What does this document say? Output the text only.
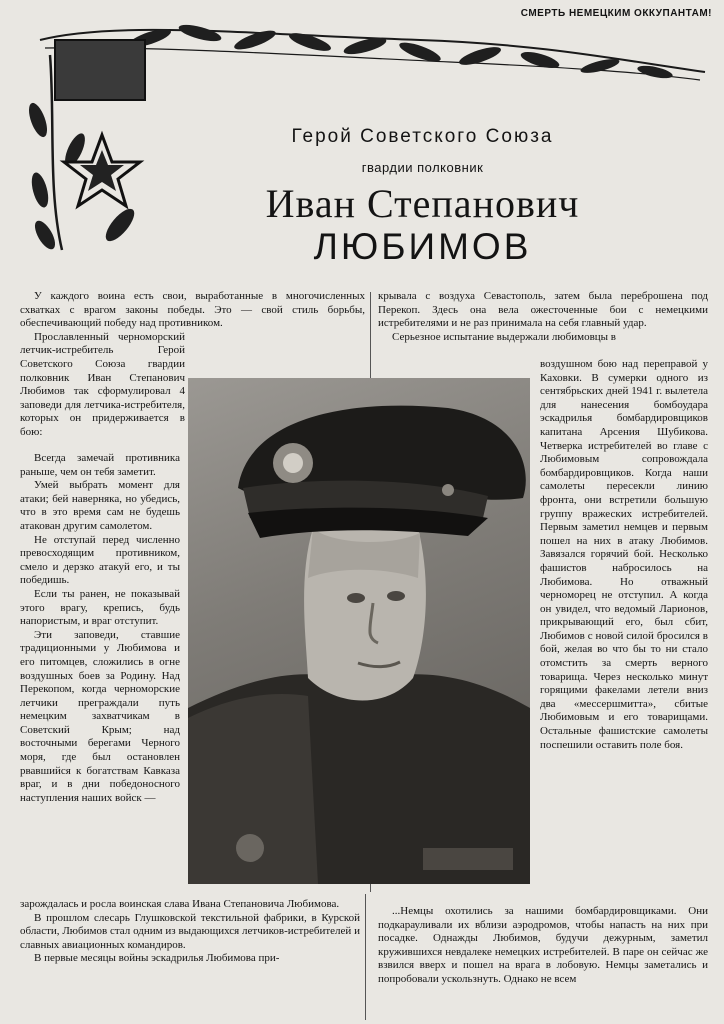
СМЕРТЬ НЕМЕЦКИМ ОККУПАНТАМ!
Герой Советского Союза
гвардии полковник
Иван Степанович
ЛЮБИМОВ

У каждого воина есть свои, выработанные в многочисленных схватках с врагом законы победы. Это — свой стиль борьбы, обеспечивающий победу над противником.

Прославленный черноморский летчик-истребитель Герой Советского Союза гвардии полковник Иван Степанович Любимов так сформулировал 4 заповеди для летчика-истребителя, которых он придерживается в бою:

Всегда замечай противника раньше, чем он тебя заметит.

Умей выбрать момент для атаки; бей наверняка, но убедись, что в это время сам не будешь атакован другим самолетом.

Не отступай перед численно превосходящим противником, смело и дерзко атакуй его, и ты победишь.

Если ты ранен, не показывай этого врагу, крепись, будь напористым, и враг отступит.

Эти заповеди, ставшие традиционными у Любимова и его питомцев, сложились в огне воздушных боев за Родину. Над Перекопом, когда черноморские летчики преграждали путь немецким захватчикам в Советский Крым; над восточными берегами Черного моря, где был остановлен рвавшийся к богатствам Кавказа враг, и в дни победоносного наступления наших войск —

зарождалась и росла воинская слава Ивана Степановича Любимова.

В прошлом слесарь Глушковской текстильной фабрики, в Курской области, Любимов стал одним из выдающихся летчиков-истребителей и славных авиационных командиров.

В первые месяцы войны эскадрилья Любимова при-

крывала с воздуха Севастополь, затем была переброшена под Перекоп. Здесь она вела ожесточенные бои с немецкими истребителями и не раз принимала на себя главный удар.

Серьезное испытание выдержали любимовцы в

воздушном бою над переправой у Каховки. В сумерки одного из сентябрьских дней 1941 г. вылетела для нанесения бомбоудара эскадрилья бомбардировщиков капитана Арсения Шубикова. Четверка истребителей во главе с Любимовым сопровождала бомбардировщиков. Когда наши самолеты пересекли линию фронта, они встретили большую группу вражеских истребителей. Первым заметил немцев и первым пошел на них в атаку Любимов. Завязался горячий бой. Несколько фашистов набросилось на Любимова. Но отважный черноморец не отступил. А когда он увидел, что ведомый Ларионов, прикрывающий его, был сбит, Любимов с новой силой бросился в бой, желая во что бы то ни стало отомстить за смерть верного товарища. Через несколько минут горящими факелами летели вниз два «мессершмитта», сбитые Любимовым и его товарищами. Остальные фашистские самолеты поспешили оставить поле боя.

...Немцы охотились за нашими бомбардировщиками. Они подкарауливали их вблизи аэродромов, чтобы напасть на них при посадке. Однажды Любимов, будучи дежурным, заметил кружившихся невдалеке немецких истребителей. В паре он сейчас же взвился вверх и пошел на врага в лобовую. Немцы заметались и попробовали ускользнуть. Однако не всем
